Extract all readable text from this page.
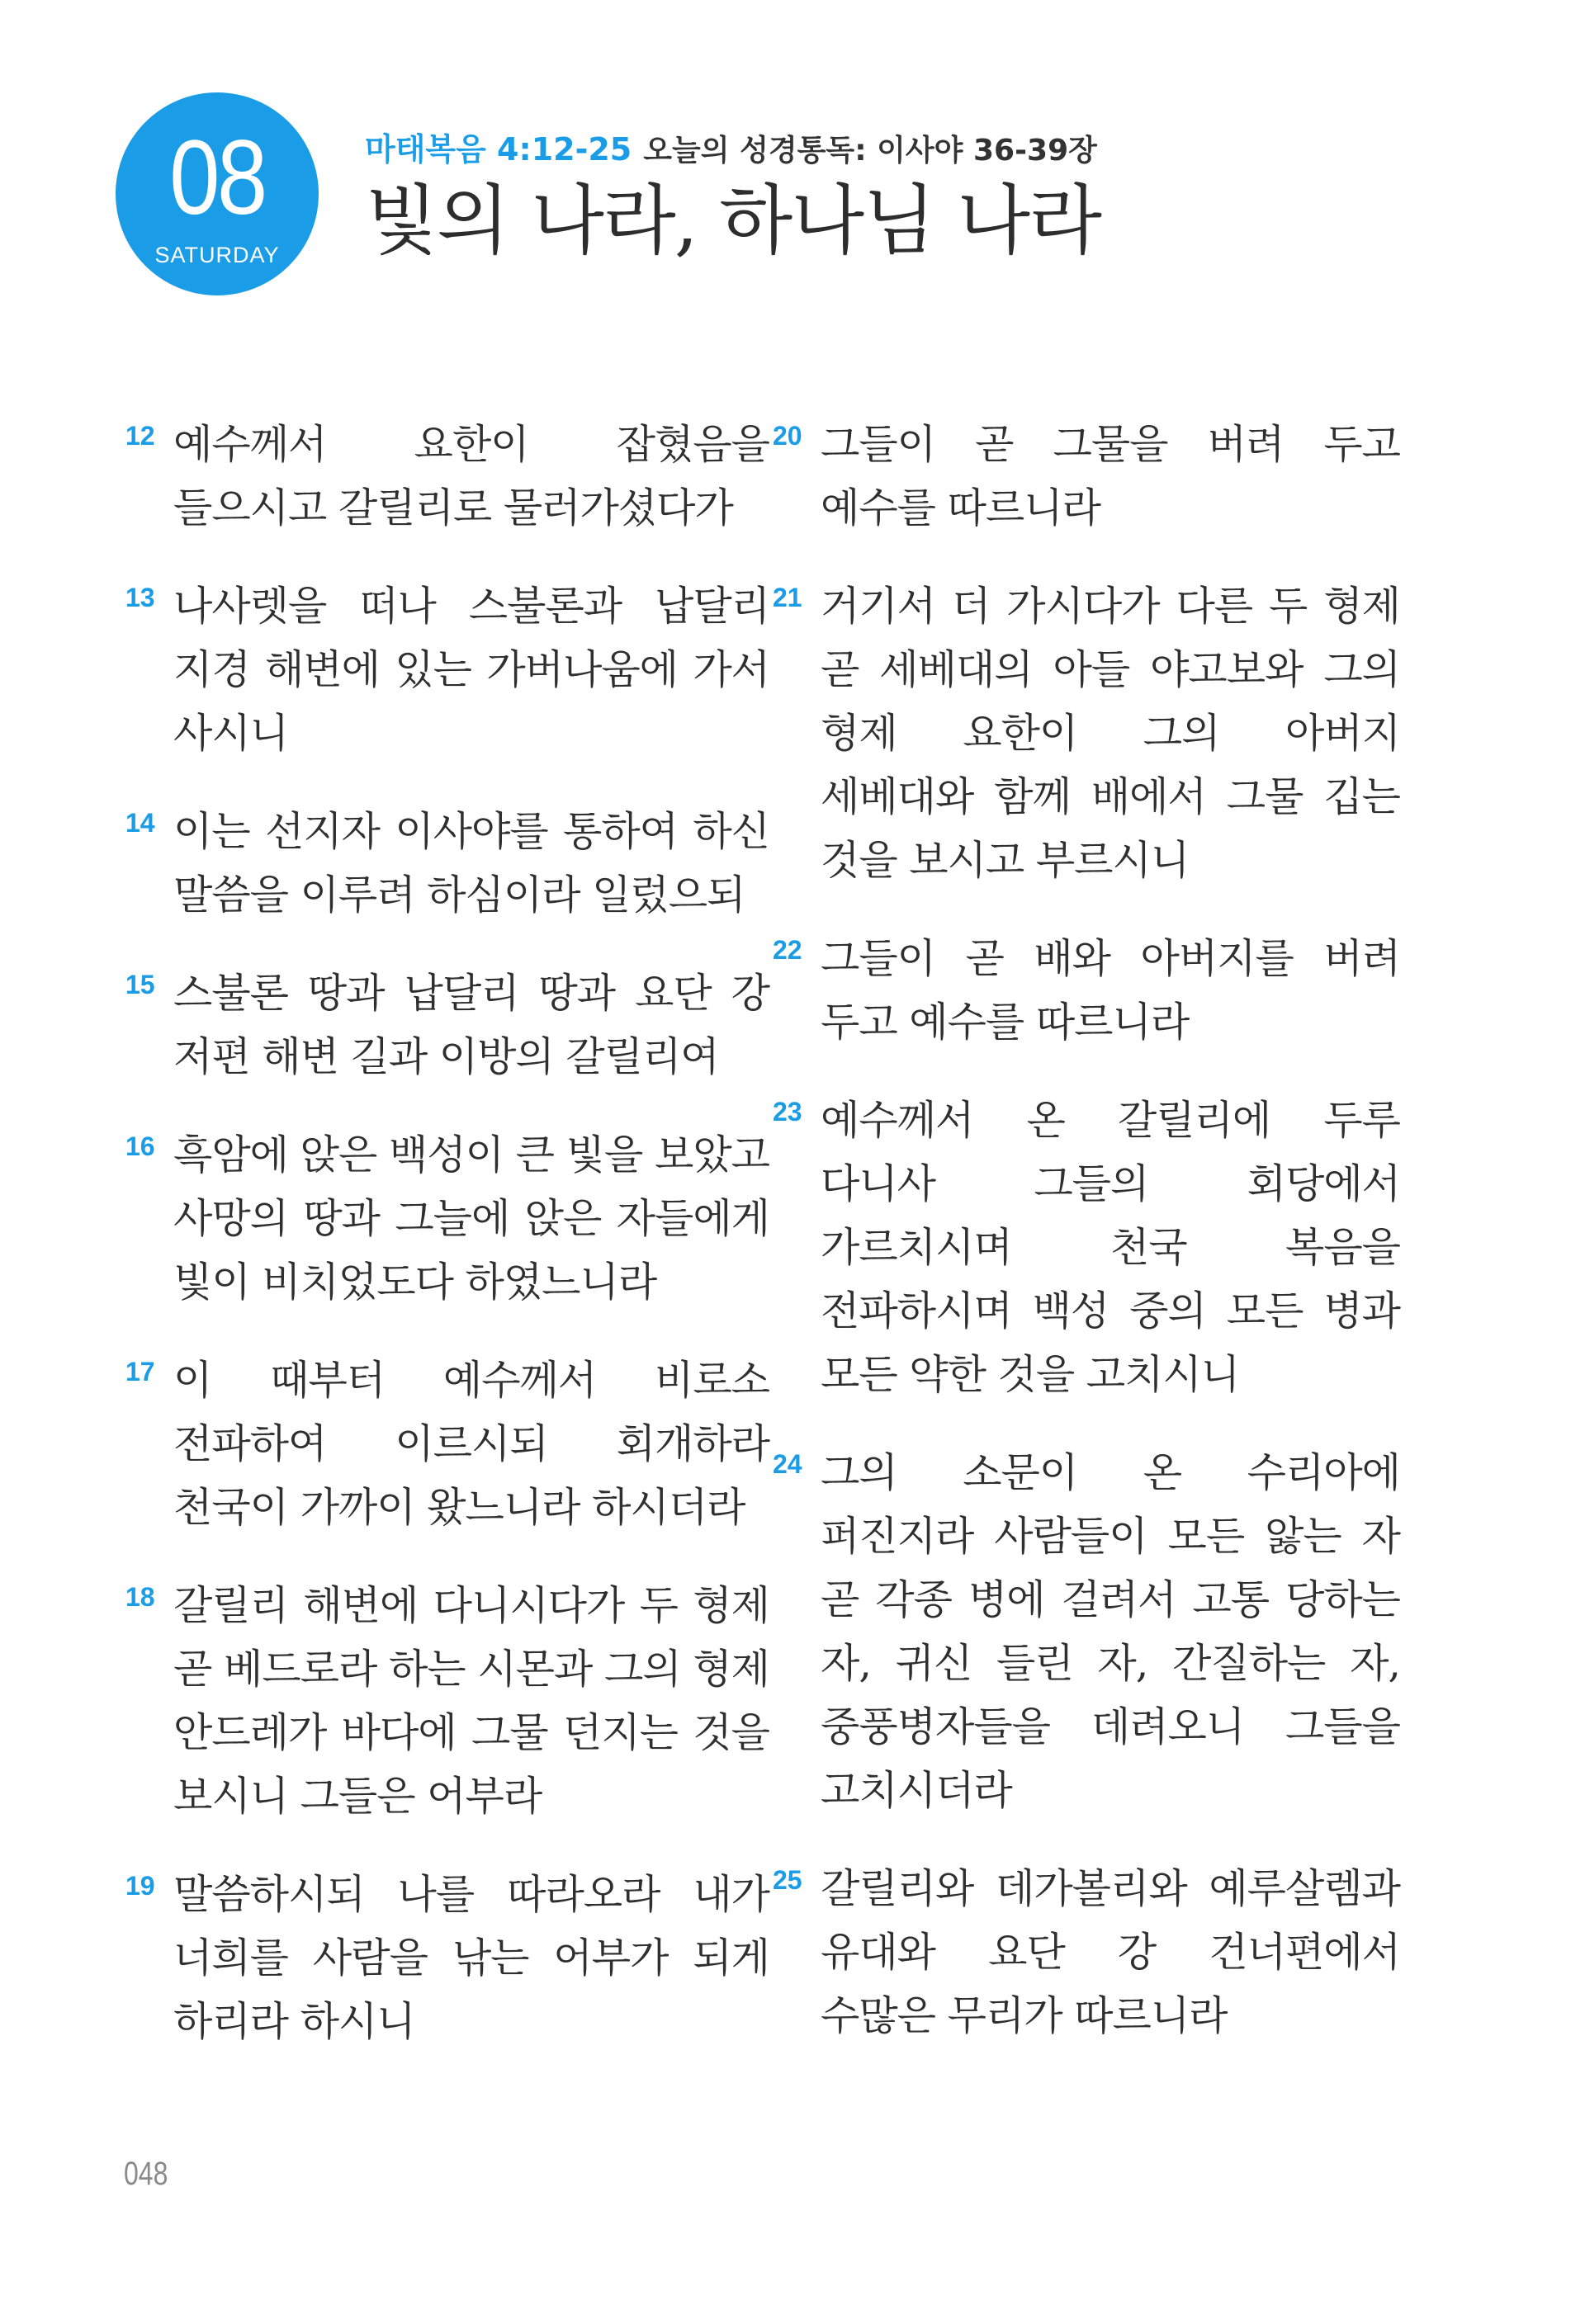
08
SATURDAY
마태복음 4:12-25 오늘의 성경통독: 이사야 36-39장
빛의 나라, 하나님 나라
12 예수께서 요한이 잡혔음을 들으시고 갈릴리로 물러가셨다가
13 나사렛을 떠나 스불론과 납달리 지경 해변에 있는 가버나움에 가서 사시니
14 이는 선지자 이사야를 통하여 하신 말씀을 이루려 하심이라 일렀으되
15 스불론 땅과 납달리 땅과 요단 강 저편 해변 길과 이방의 갈릴리여
16 흑암에 앉은 백성이 큰 빛을 보았고 사망의 땅과 그늘에 앉은 자들에게 빛이 비치었도다 하였느니라
17 이 때부터 예수께서 비로소 전파하여 이르시되 회개하라 천국이 가까이 왔느니라 하시더라
18 갈릴리 해변에 다니시다가 두 형제 곧 베드로라 하는 시몬과 그의 형제 안드레가 바다에 그물 던지는 것을 보시니 그들은 어부라
19 말씀하시되 나를 따라오라 내가 너희를 사람을 낚는 어부가 되게 하리라 하시니
20 그들이 곧 그물을 버려 두고 예수를 따르니라
21 거기서 더 가시다가 다른 두 형제 곧 세베대의 아들 야고보와 그의 형제 요한이 그의 아버지 세베대와 함께 배에서 그물 깁는 것을 보시고 부르시니
22 그들이 곧 배와 아버지를 버려 두고 예수를 따르니라
23 예수께서 온 갈릴리에 두루 다니사 그들의 회당에서 가르치시며 천국 복음을 전파하시며 백성 중의 모든 병과 모든 약한 것을 고치시니
24 그의 소문이 온 수리아에 퍼진지라 사람들이 모든 앓는 자 곧 각종 병에 걸려서 고통 당하는 자, 귀신 들린 자, 간질하는 자, 중풍병자들을 데려오니 그들을 고치시더라
25 갈릴리와 데가볼리와 예루살렘과 유대와 요단 강 건너편에서 수많은 무리가 따르니라
048
